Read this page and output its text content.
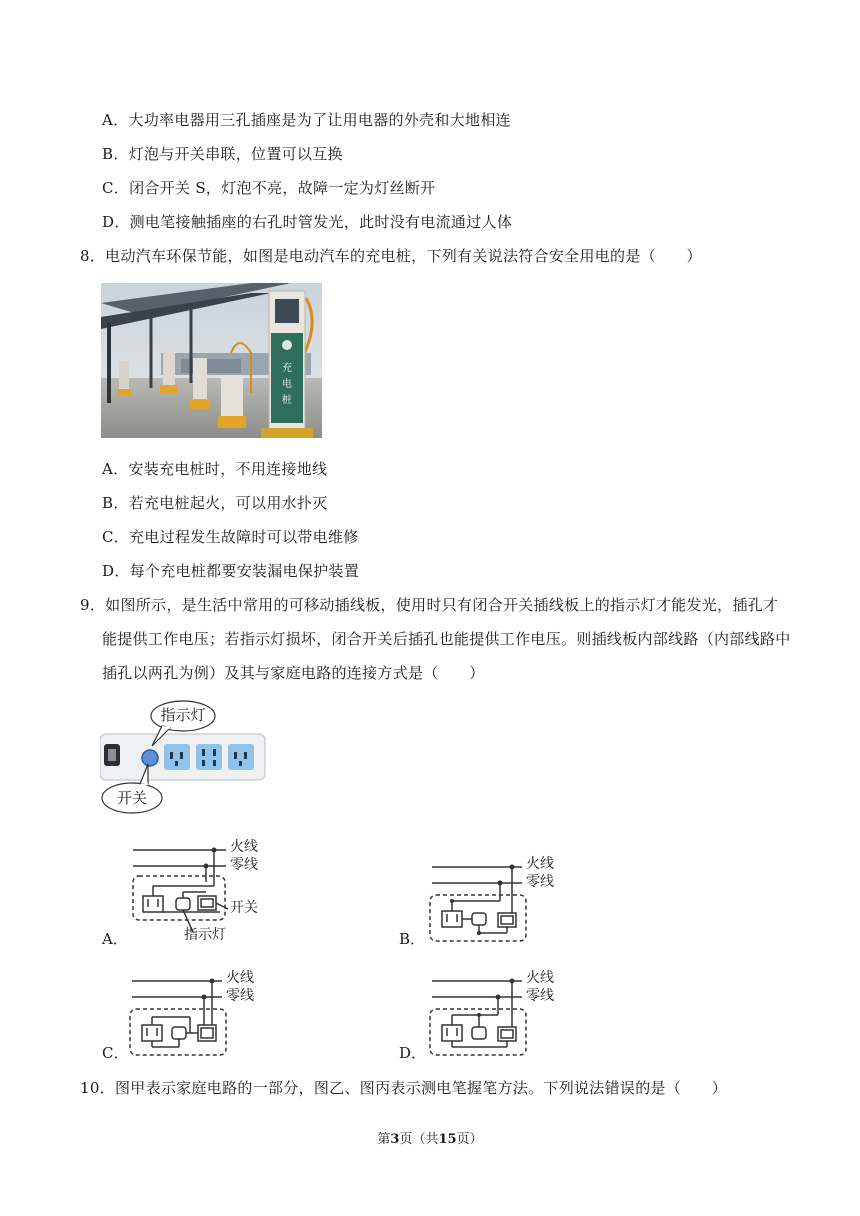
A．大功率电器用三孔插座是为了让用电器的外壳和大地相连
B．灯泡与开关串联，位置可以互换
C．闭合开关 S，灯泡不亮，故障一定为灯丝断开
D．测电笔接触插座的右孔时管发光，此时没有电流通过人体
8．电动汽车环保节能，如图是电动汽车的充电桩，下列有关说法符合安全用电的是（　　）
充
电
桩
A．安装充电桩时，不用连接地线
B．若充电桩起火，可以用水扑灭
C．充电过程发生故障时可以带电维修
D．每个充电桩都要安装漏电保护装置
9．如图所示，是生活中常用的可移动插线板，使用时只有闭合开关插线板上的指示灯才能发光，插孔才
能提供工作电压；若指示灯损坏，闭合开关后插孔也能提供工作电压。则插线板内部线路（内部线路中
插孔以两孔为例）及其与家庭电路的连接方式是（　　）
指示灯
开关
火线
零线
开关
指示灯
A．
火线
零线
B．
火线
零线
C．
火线
零线
D．
10．图甲表示家庭电路的一部分，图乙、图丙表示测电笔握笔方法。下列说法错误的是（　　）
第3页（共15页）
